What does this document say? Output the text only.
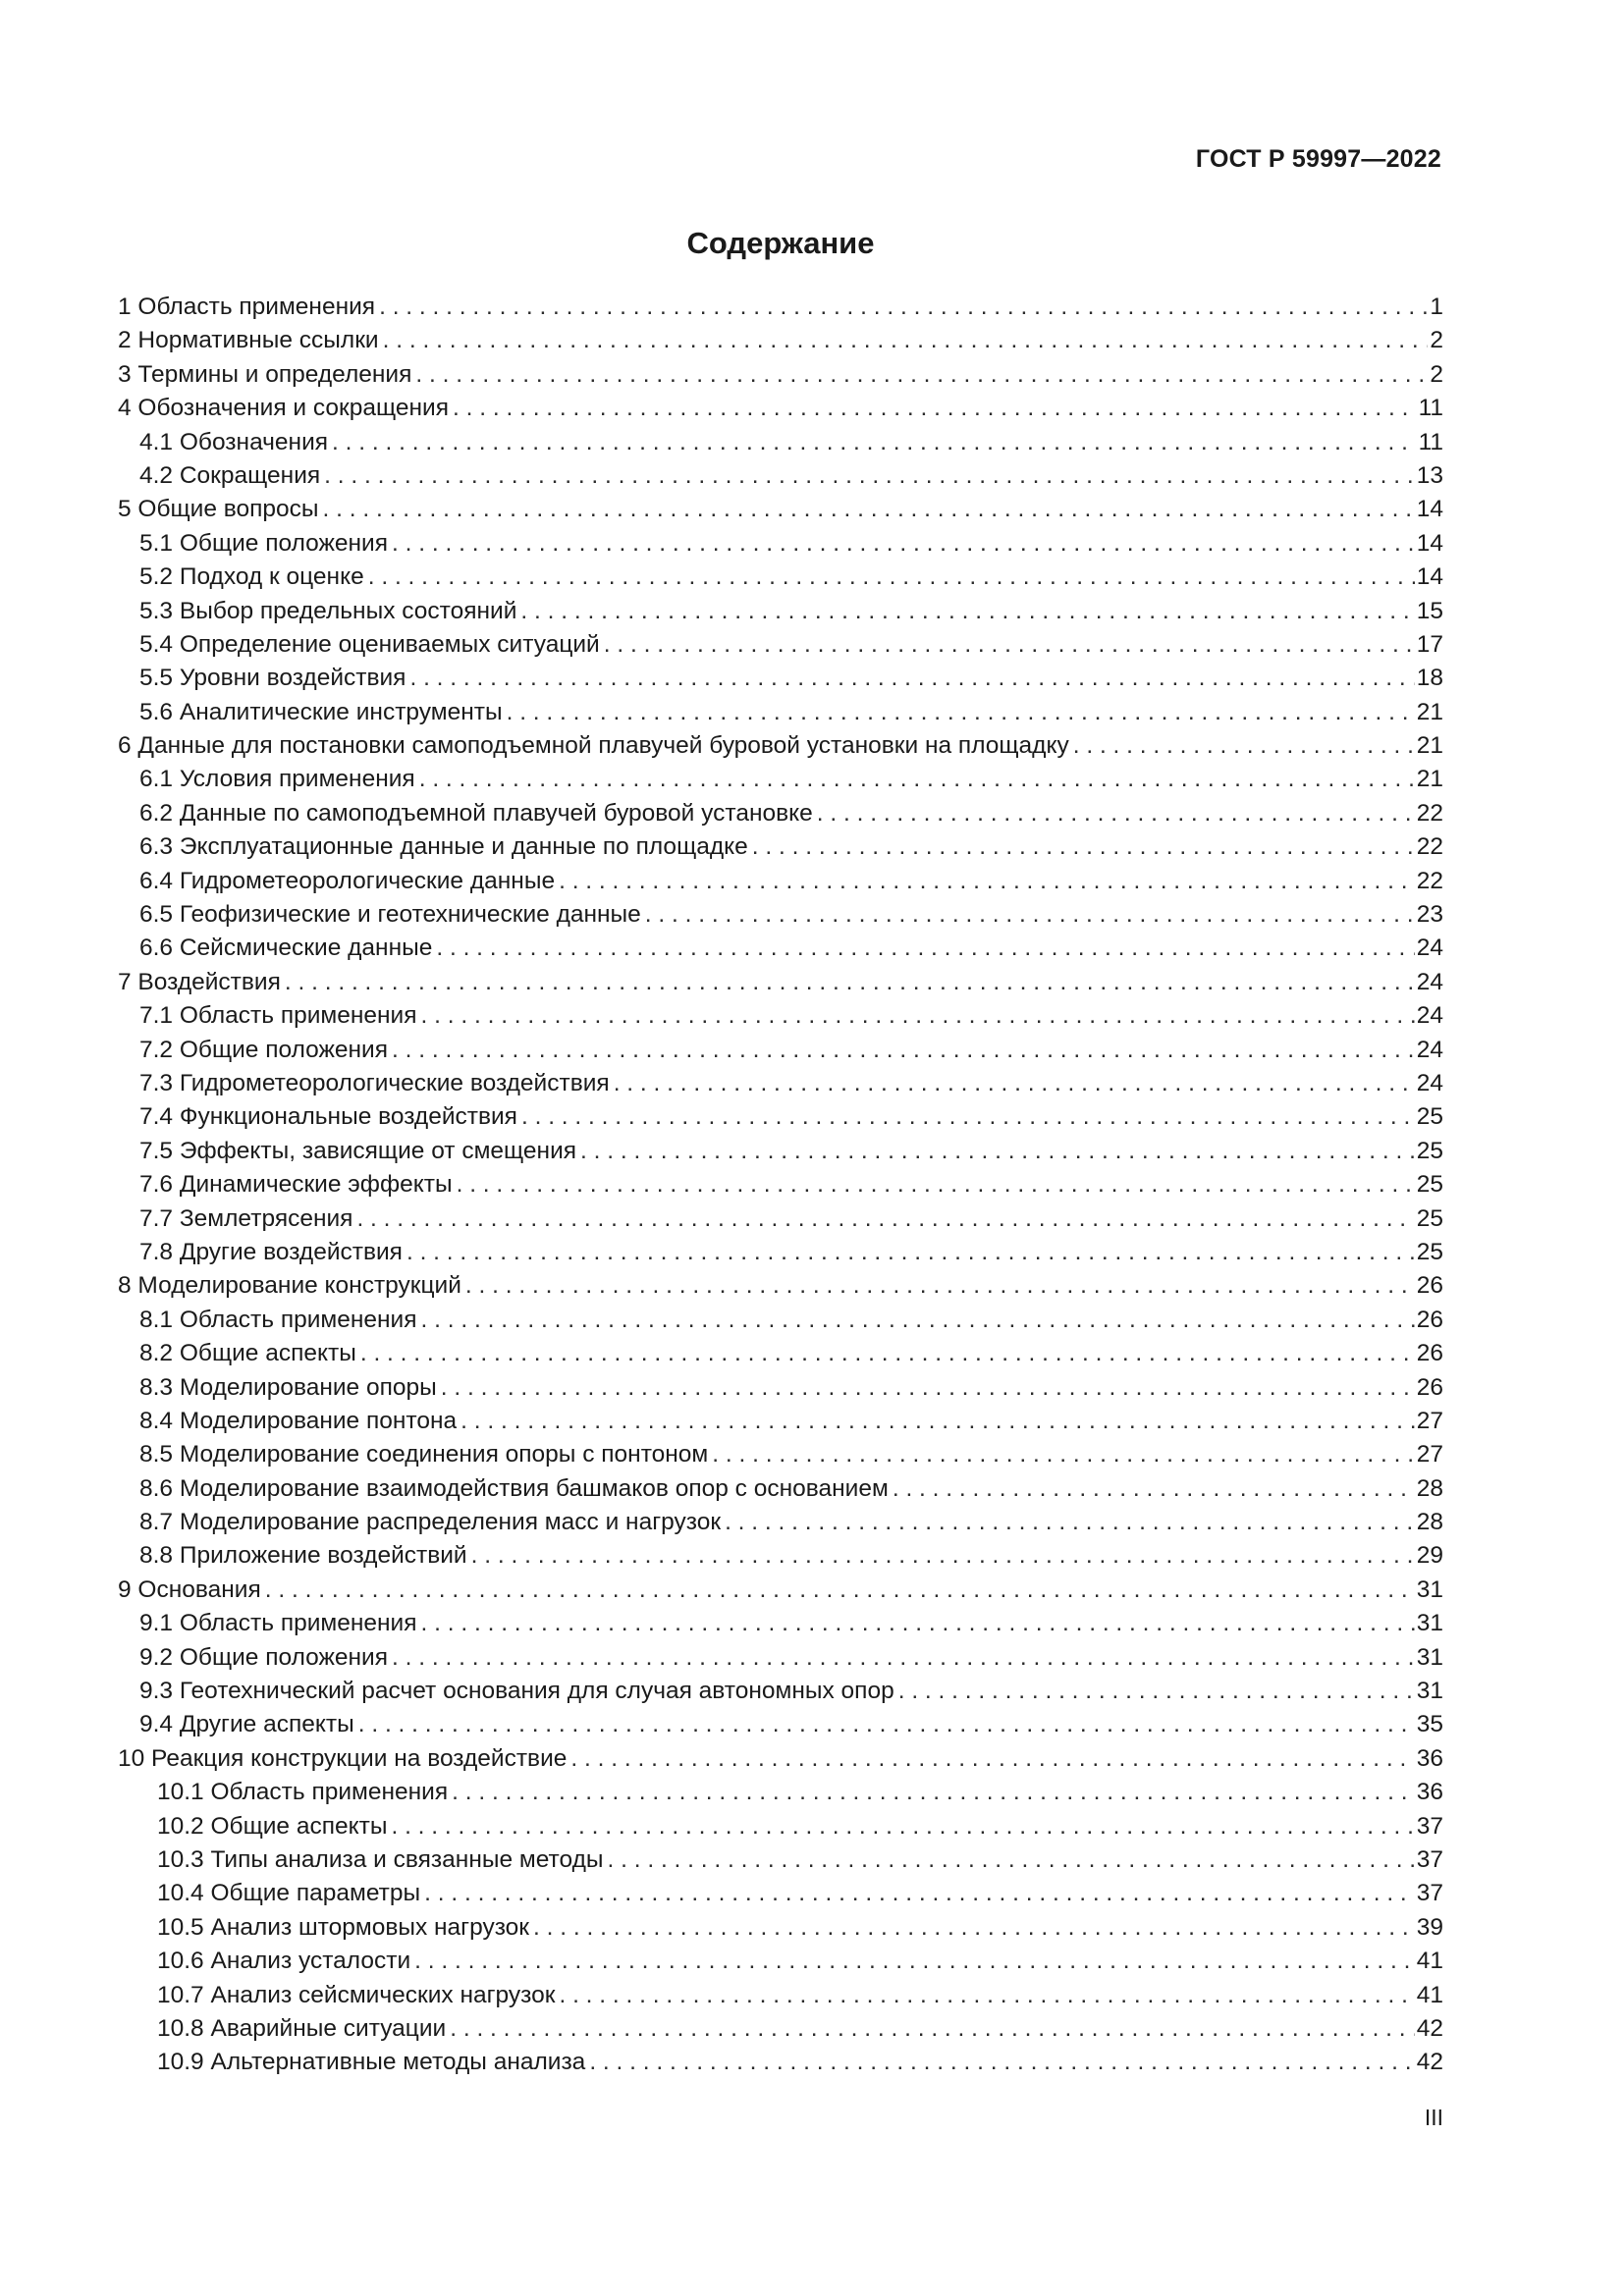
ГОСТ Р 59997—2022
Содержание
1 Область применения . . .	1
2 Нормативные ссылки . . .	2
3 Термины и определения . . .	2
4 Обозначения и сокращения . . .	11
4.1 Обозначения . . .	11
4.2 Сокращения . . .	13
5 Общие вопросы . . .	14
5.1 Общие положения . . .	14
5.2 Подход к оценке . . .	14
5.3 Выбор предельных состояний . . .	15
5.4 Определение оцениваемых ситуаций . . .	17
5.5 Уровни воздействия . . .	18
5.6 Аналитические инструменты . . .	21
6 Данные для постановки самоподъемной плавучей буровой установки на площадку . . .	21
6.1 Условия применения . . .	21
6.2 Данные по самоподъемной плавучей буровой установке . . .	22
6.3 Эксплуатационные данные и данные по площадке . . .	22
6.4 Гидрометеорологические данные . . .	22
6.5 Геофизические и геотехнические данные . . .	23
6.6 Сейсмические данные . . .	24
7 Воздействия . . .	24
7.1 Область применения . . .	24
7.2 Общие положения . . .	24
7.3 Гидрометеорологические воздействия . . .	24
7.4 Функциональные воздействия . . .	25
7.5 Эффекты, зависящие от смещения . . .	25
7.6 Динамические эффекты . . .	25
7.7 Землетрясения . . .	25
7.8 Другие воздействия . . .	25
8 Моделирование конструкций . . .	26
8.1 Область применения . . .	26
8.2 Общие аспекты . . .	26
8.3 Моделирование опоры . . .	26
8.4 Моделирование понтона . . .	27
8.5 Моделирование соединения опоры с понтоном . . .	27
8.6 Моделирование взаимодействия башмаков опор с основанием . . .	28
8.7 Моделирование распределения масс и нагрузок . . .	28
8.8 Приложение воздействий . . .	29
9 Основания . . .	31
9.1 Область применения . . .	31
9.2 Общие положения . . .	31
9.3 Геотехнический расчет основания для случая автономных опор . . .	31
9.4 Другие аспекты . . .	35
10 Реакция конструкции на воздействие . . .	36
10.1 Область применения . . .	36
10.2 Общие аспекты . . .	37
10.3 Типы анализа и связанные методы . . .	37
10.4 Общие параметры . . .	37
10.5 Анализ штормовых нагрузок . . .	39
10.6 Анализ усталости . . .	41
10.7 Анализ сейсмических нагрузок . . .	41
10.8 Аварийные ситуации . . .	42
10.9 Альтернативные методы анализа . . .	42
III
